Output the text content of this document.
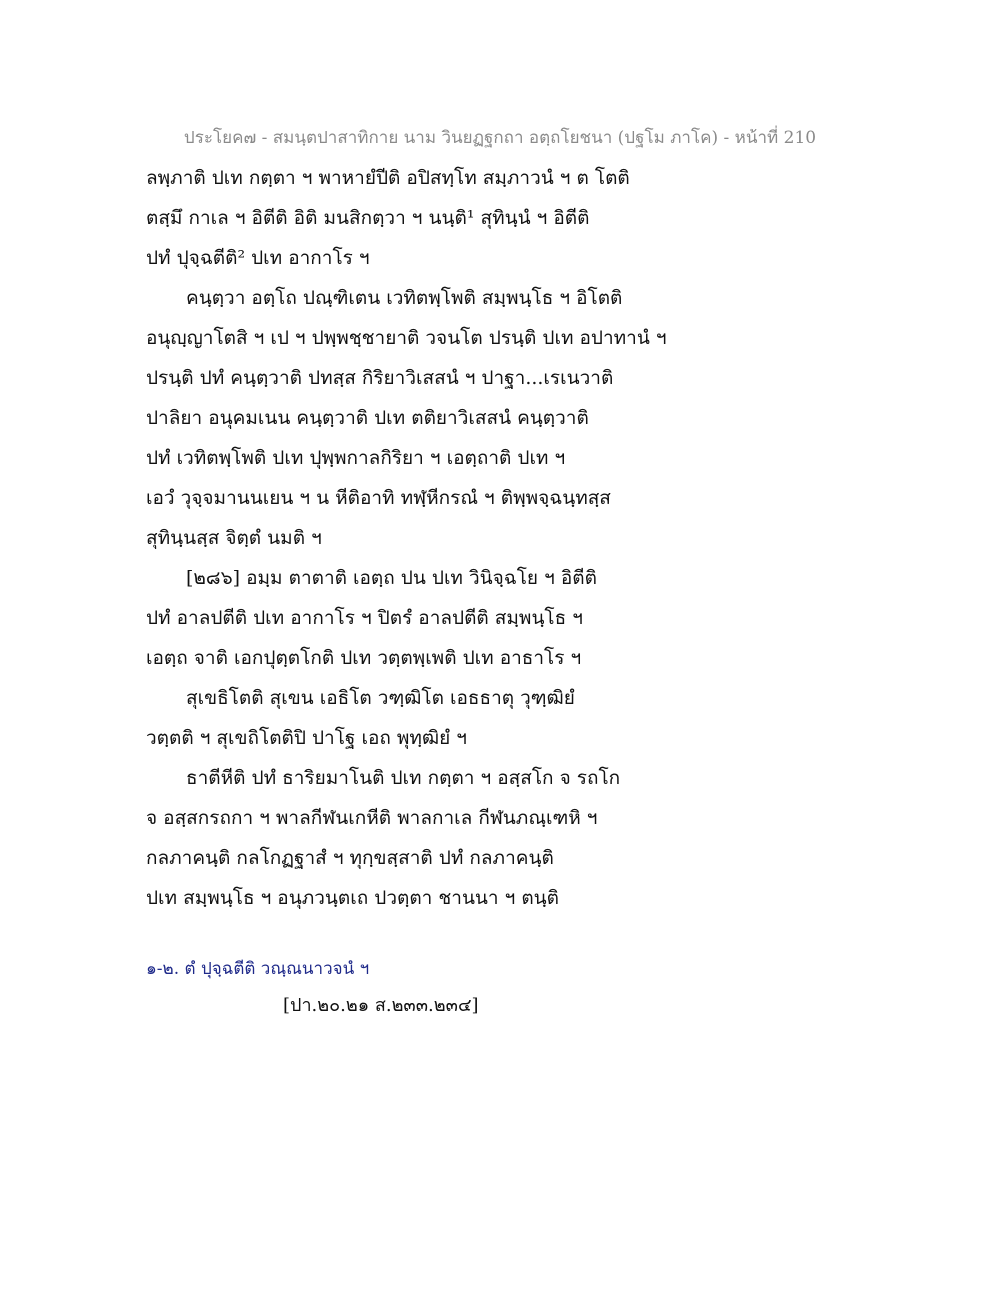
ประโยค๗ - สมนฺตปาสาทิกาย นาม วินยฏฐกถา อตฺถโยชนา (ปฐโม ภาโค) - หน้าที่ 210
ลพฺภาติ ปเท กตฺตา ฯ พาหายํปีติ อปิสทฺโท สมฺภาวนํ ฯ ต โตติ
ตสฺมึ กาเล ฯ อิตีติ อิติ มนสิกตฺวา ฯ นนฺติ¹ สุทินฺนํ ฯ อิตีติ
ปทํ ปุจฺฉตีติ² ปเท อากาโร ฯ
คนฺตฺวา อตฺโถ ปณฺฑิเตน เวทิตพฺโพติ สมฺพนฺโธ ฯ อิโตติ
อนุญฺญาโตสิ ฯ เป ฯ ปพฺพชฺชายาติ วจนโต ปรนฺติ ปเท อปาทานํ ฯ
ปรนฺติ ปทํ คนฺตฺวาติ ปทสฺส กิริยาวิเสสนํ ฯ ปาฐา...เรเนวาติ
ปาลิยา อนุคมเนน คนฺตฺวาติ ปเท ตติยาวิเสสนํ คนฺตฺวาติ
ปทํ เวทิตพฺโพติ ปเท ปุพฺพกาลกิริยา ฯ เอตฺถาติ ปเท ฯ
เอวํ วุจฺจมานนเยน ฯ น หีติอาทิ ทฬฺหีกรณํ ฯ ติพฺพจฺฉนฺทสฺส
สุทินฺนสฺส จิตฺตํ นมติ ฯ
[๒๘๖] อมฺม ตาตาติ เอตฺถ ปน ปเท วินิจฺฉโย ฯ อิตีติ
ปทํ อาลปตีติ ปเท อากาโร ฯ ปิตรํ อาลปตีติ สมฺพนฺโธ ฯ
เอตฺถ จาติ เอกปุตฺตโกติ ปเท วตฺตพฺเพติ ปเท อาธาโร ฯ
สุเขธิโตติ สุเขน เอธิโต วฑฺฒิโต เอธธาตุ วุฑฺฒิยํ
วตฺตติ ฯ สุเขถิโตติปิ ปาโฐ เอถ พุทฺฒิยํ ฯ
ธาตีหีติ ปทํ ธาริยมาโนติ ปเท กตฺตา ฯ อสฺสโก จ รถโก
จ อสฺสกรถกา ฯ พาลกีฬนเกหีติ พาลกาเล กีฬนภณฺเฑหิ ฯ
กลภาคนฺติ กลโกฏฐาสํ ฯ ทุกฺขสฺสาติ ปทํ กลภาคนฺติ
ปเท สมฺพนฺโธ ฯ อนุภวนฺตเถ ปวตฺตา ชานนา ฯ ตนฺติ
๑-๒. ตํ ปุจฺฉตีติ วณฺณนาวจนํ ฯ
[ปา.๒๐.๒๑ ส.๒๓๓.๒๓๔]
